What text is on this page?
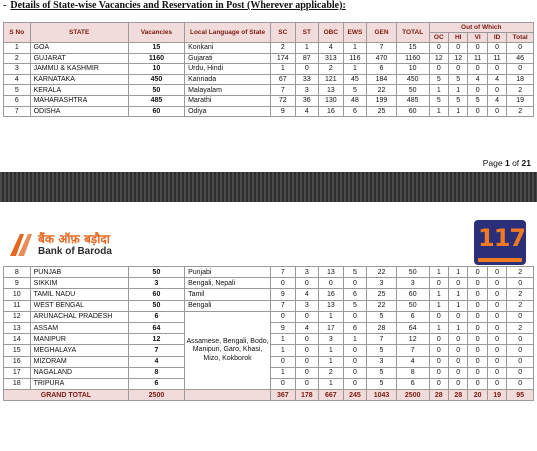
- Details of State-wise Vacancies and Reservation in Post (Wherever applicable):
S No	STATE	Vacancies	Local Language of State	SC	ST	OBC	EWS	GEN	TOTAL	Out of Which				
										OC	HI	VI	ID	Total
1	GOA	15	Konkani	2	1	4	1	7	15	0	0	0	0	0
2	GUJARAT	1160	Gujarati	174	87	313	116	470	1160	12	12	11	11	46
3	JAMMU & KASHMIR	10	Urdu, Hindi	1	0	2	1	6	10	0	0	0	0	0
4	KARNATAKA	450	Kannada	67	33	121	45	184	450	5	5	4	4	18
5	KERALA	50	Malayalam	7	3	13	5	22	50	1	1	0	0	2
6	MAHARASHTRA	485	Marathi	72	36	130	48	199	485	5	5	5	4	19
7	ODISHA	60	Odiya	9	4	16	6	25	60	1	1	0	0	2
Page 1 of 21
बैंक ऑफ़ बड़ौदा
Bank of Baroda	117
8	PUNJAB	50	Punjabi	7	3	13	5	22	50	1	1	0	0	2
9	SIKKIM	3	Bengali, Nepali	0	0	0	0	3	3	0	0	0	0	0
10	TAMIL NADU	60	Tamil	9	4	16	6	25	60	1	1	0	0	2
11	WEST BENGAL	50	Bengali	7	3	13	5	22	50	1	1	0	0	2
12	ARUNACHAL PRADESH	6	Assamese, Bengali, Bodo, Manipuri, Garo, Khasi, Mizo, Kokborok	0	0	1	0	5	6	0	0	0	0	0
13	ASSAM	64		9	4	17	6	28	64	1	1	0	0	2
14	MANIPUR	12		1	0	3	1	7	12	0	0	0	0	0
15	MEGHALAYA	7		1	0	1	0	5	7	0	0	0	0	0
16	MIZORAM	4		0	0	1	0	3	4	0	0	0	0	0
17	NAGALAND	8		1	0	2	0	5	8	0	0	0	0	0
18	TRIPURA	6		0	0	1	0	5	6	0	0	0	0	0
GRAND TOTAL		2500		367	178	667	245	1043	2500	28	28	20	19	95
